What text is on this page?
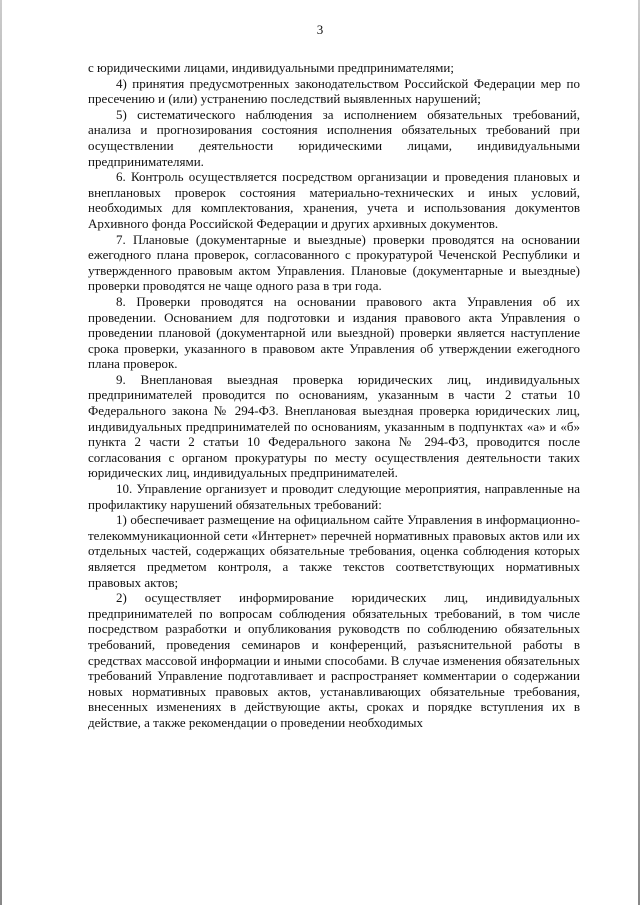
3

с юридическими лицами, индивидуальными предпринимателями;

4) принятия предусмотренных законодательством Российской Федерации мер по пресечению и (или) устранению последствий выявленных нарушений;

5) систематического наблюдения за исполнением обязательных требований, анализа и прогнозирования состояния исполнения обязательных требований при осуществлении деятельности юридическими лицами, индивидуальными предпринимателями.

6. Контроль осуществляется посредством организации и проведения плановых и внеплановых проверок состояния материально-технических и иных условий, необходимых для комплектования, хранения, учета и использования документов Архивного фонда Российской Федерации и других архивных документов.

7. Плановые (документарные и выездные) проверки проводятся на основании ежегодного плана проверок, согласованного с прокуратурой Чеченской Республики и утвержденного правовым актом Управления. Плановые (документарные и выездные) проверки проводятся не чаще одного раза в три года.

8. Проверки проводятся на основании правового акта Управления об их проведении. Основанием для подготовки и издания правового акта Управления о проведении плановой (документарной или выездной) проверки является наступление срока проверки, указанного в правовом акте Управления об утверждении ежегодного плана проверок.

9. Внеплановая выездная проверка юридических лиц, индивидуальных предпринимателей проводится по основаниям, указанным в части 2 статьи 10 Федерального закона № 294-ФЗ. Внеплановая выездная проверка юридических лиц, индивидуальных предпринимателей по основаниям, указанным в подпунктах «а» и «б» пункта 2 части 2 статьи 10 Федерального закона № 294-ФЗ, проводится после согласования с органом прокуратуры по месту осуществления деятельности таких юридических лиц, индивидуальных предпринимателей.

10. Управление организует и проводит следующие мероприятия, направленные на профилактику нарушений обязательных требований:

1) обеспечивает размещение на официальном сайте Управления в информационно-телекоммуникационной сети «Интернет» перечней нормативных правовых актов или их отдельных частей, содержащих обязательные требования, оценка соблюдения которых является предметом контроля, а также текстов соответствующих нормативных правовых актов;

2) осуществляет информирование юридических лиц, индивидуальных предпринимателей по вопросам соблюдения обязательных требований, в том числе посредством разработки и опубликования руководств по соблюдению обязательных требований, проведения семинаров и конференций, разъяснительной работы в средствах массовой информации и иными способами. В случае изменения обязательных требований Управление подготавливает и распространяет комментарии о содержании новых нормативных правовых актов, устанавливающих обязательные требования, внесенных изменениях в действующие акты, сроках и порядке вступления их в действие, а также рекомендации о проведении необходимых
